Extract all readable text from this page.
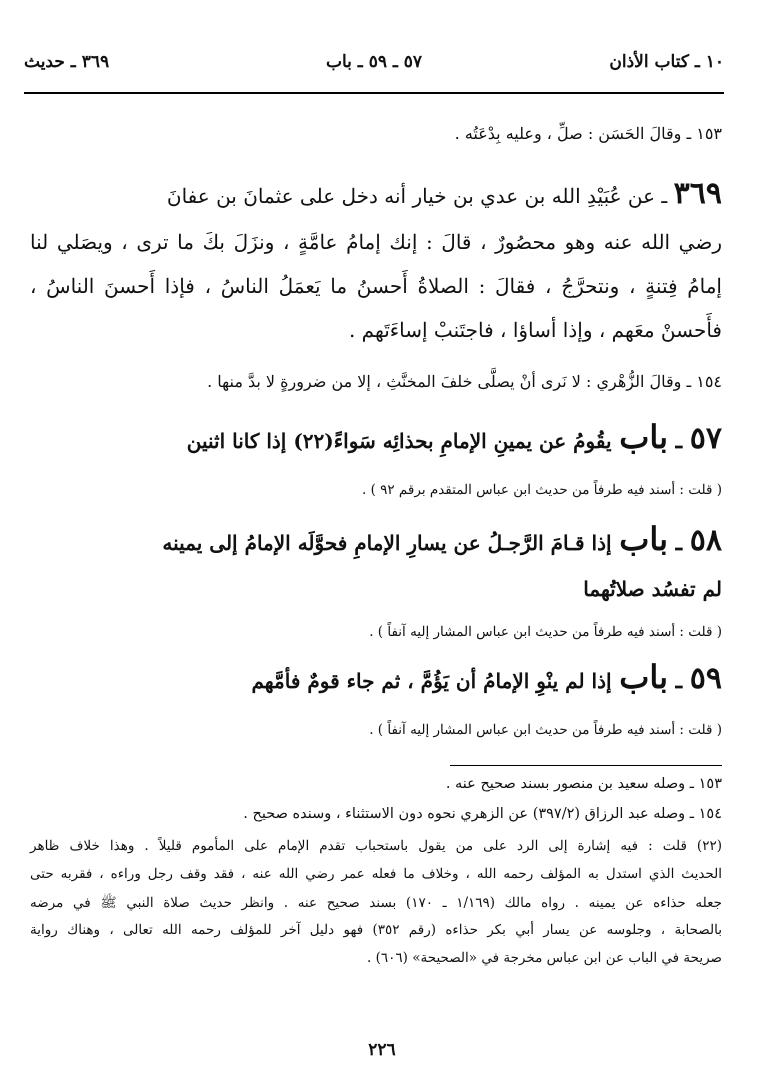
١٠ ـ كتاب الأذان
٥٧ ـ ٥٩ ـ باب
٣٦٩ ـ حديث
١٥٣ ـ وقالَ الحَسَن : صلِّ ، وعليه بِدْعَتُه .
٣٦٩ ـ عن عُبَيْدِ الله بن عدي بن خيار أنه دخل على عثمانَ بن عفانَ
رضي الله عنه وهو محصُورٌ ، قالَ : إنك إمامُ عامَّةٍ ، ونزَلَ بكَ ما ترى ، ويصَلي لنا
إمامُ فِتنةٍ ، ونتحرَّجُ ، فقالَ : الصلاةُ أَحسنُ ما يَعمَلُ الناسُ ، فإذا أَحسنَ الناسُ ،
فأَحسنْ معَهم ، وإذا أساؤا ، فاجتَنبْ إساءَتَهم .
١٥٤ ـ وقالَ الزُّهْري : لا نَرى أنْ يصلَّى خلفَ المخنَّثِ ، إلا من ضرورةٍ لا بدَّ منها .
٥٧ ـ باب يقُومُ عن يمينِ الإمامِ بحذائِه سَواءً(٢٢) إذا كانا اثنين
( قلت : أسند فيه طرفاً من حديث ابن عباس المتقدم برقم ٩٢ ) .
٥٨ ـ باب إذا قـامَ الرَّجـلُ عن يسارِ الإمامِ فحوَّلَه الإمامُ إلى يمينه
لم تفسُد صلاتُهما
( قلت : أسند فيه طرفاً من حديث ابن عباس المشار إليه آنفاً ) .
٥٩ ـ باب إذا لم ينْوِ الإمامُ أن يَؤُمَّ ، ثم جاء قومٌ فأمَّهم
( قلت : أسند فيه طرفاً من حديث ابن عباس المشار إليه آنفاً ) .
١٥٣ ـ وصله سعيد بن منصور بسند صحيح عنه .
١٥٤ ـ وصله عبد الرزاق (٣٩٧/٢) عن الزهري نحوه دون الاستثناء ، وسنده صحيح .
(٢٢) قلت : فيه إشارة إلى الرد على من يقول باستحباب تقدم الإمام على المأموم قليلاً . وهذا خلاف ظاهر
الحديث الذي استدل به المؤلف رحمه الله ، وخلاف ما فعله عمر رضي الله عنه ، فقد وقف رجل وراءه ، فقربه حتى
جعله حذاءه عن يمينه . رواه مالك (١/١٦٩ ـ ١٧٠) بسند صحيح عنه . وانظر حديث صلاة النبي ﷺ في مرضه
بالصحابة ، وجلوسه عن يسار أبي بكر حذاءه (رقم ٣٥٢) فهو دليل آخر للمؤلف رحمه الله تعالى ، وهناك رواية
صريحة في الباب عن ابن عباس مخرجة في «الصحيحة» (٦٠٦) .
٢٢٦
